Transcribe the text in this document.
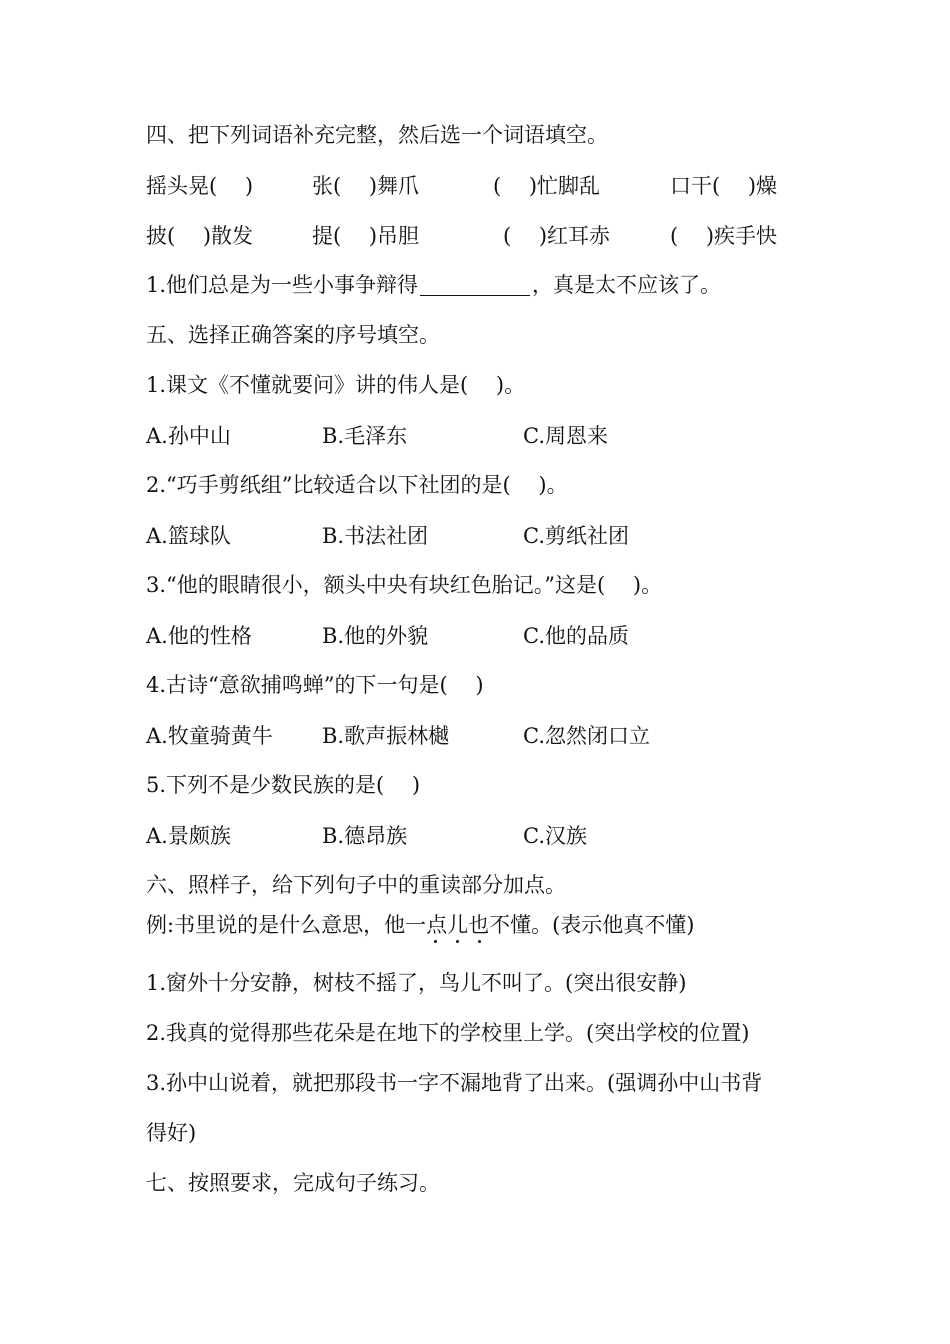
四、把下列词语补充完整，然后选一个词语填空。
摇头晃(　 )	张(　 )舞爪	(　 )忙脚乱	口干(　 )燥
披(　 )散发	提(　 )吊胆	(　 )红耳赤	(　 )疾手快
1.他们总是为一些小事争辩得	，真是太不应该了。
五、选择正确答案的序号填空。
1.课文《不懂就要问》讲的伟人是(　 )。
A.孙中山	B.毛泽东	C.周恩来
2.“巧手剪纸组”比较适合以下社团的是(　 )。
A.篮球队	B.书法社团	C.剪纸社团
3.“他的眼睛很小，额头中央有块红色胎记。”这是(　 )。
A.他的性格	B.他的外貌	C.他的品质
4.古诗“意欲捕鸣蝉”的下一句是(　 )
A.牧童骑黄牛 B.歌声振林樾	C.忽然闭口立
5.下列不是少数民族的是(　 )
A.景颇族	B.德昂族	C.汉族
六、照样子，给下列句子中的重读部分加点。
例:书里说的是什么意思，他一点儿也不懂。(表示他真不懂)
1.窗外十分安静，树枝不摇了，鸟儿不叫了。(突出很安静)
2.我真的觉得那些花朵是在地下的学校里上学。(突出学校的位置)
3.孙中山说着，就把那段书一字不漏地背了出来。(强调孙中山书背
得好)
七、按照要求，完成句子练习。
